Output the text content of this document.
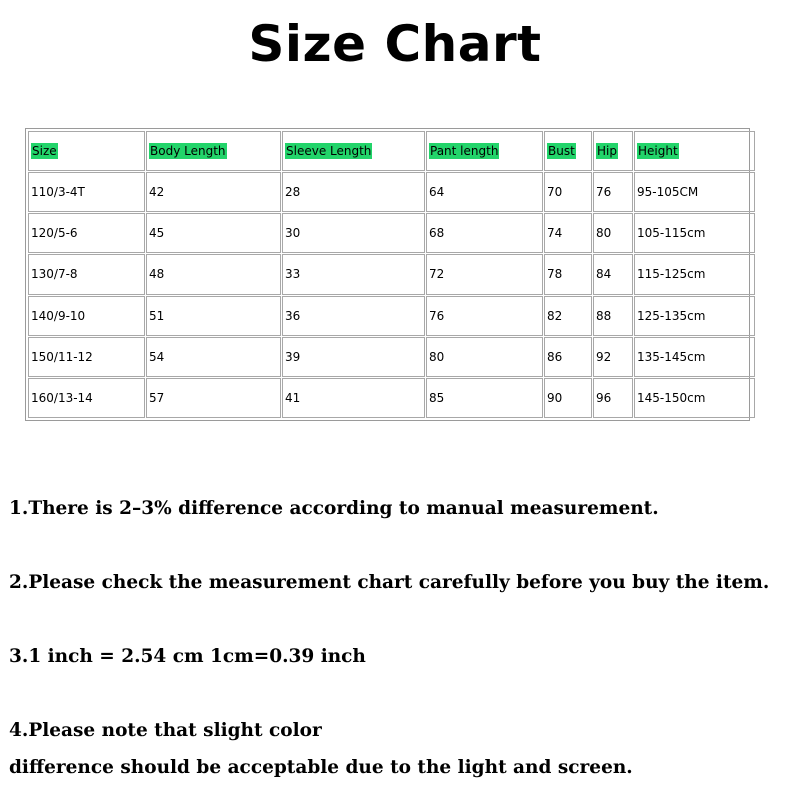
Size Chart
Size	Body Length	Sleeve Length	Pant length	Bust	Hip	Height
110/3-4T	42	28	64	70	76	95-105CM
120/5-6	45	30	68	74	80	105-115cm
130/7-8	48	33	72	78	84	115-125cm
140/9-10	51	36	76	82	88	125-135cm
150/11-12	54	39	80	86	92	135-145cm
160/13-14	57	41	85	90	96	145-150cm
1.There is 2–3% difference according to manual measurement.
2.Please check the measurement chart carefully before you buy the item.
3.1 inch = 2.54 cm 1cm=0.39 inch
4.Please note that slight color
difference should be acceptable due to the light and screen.
